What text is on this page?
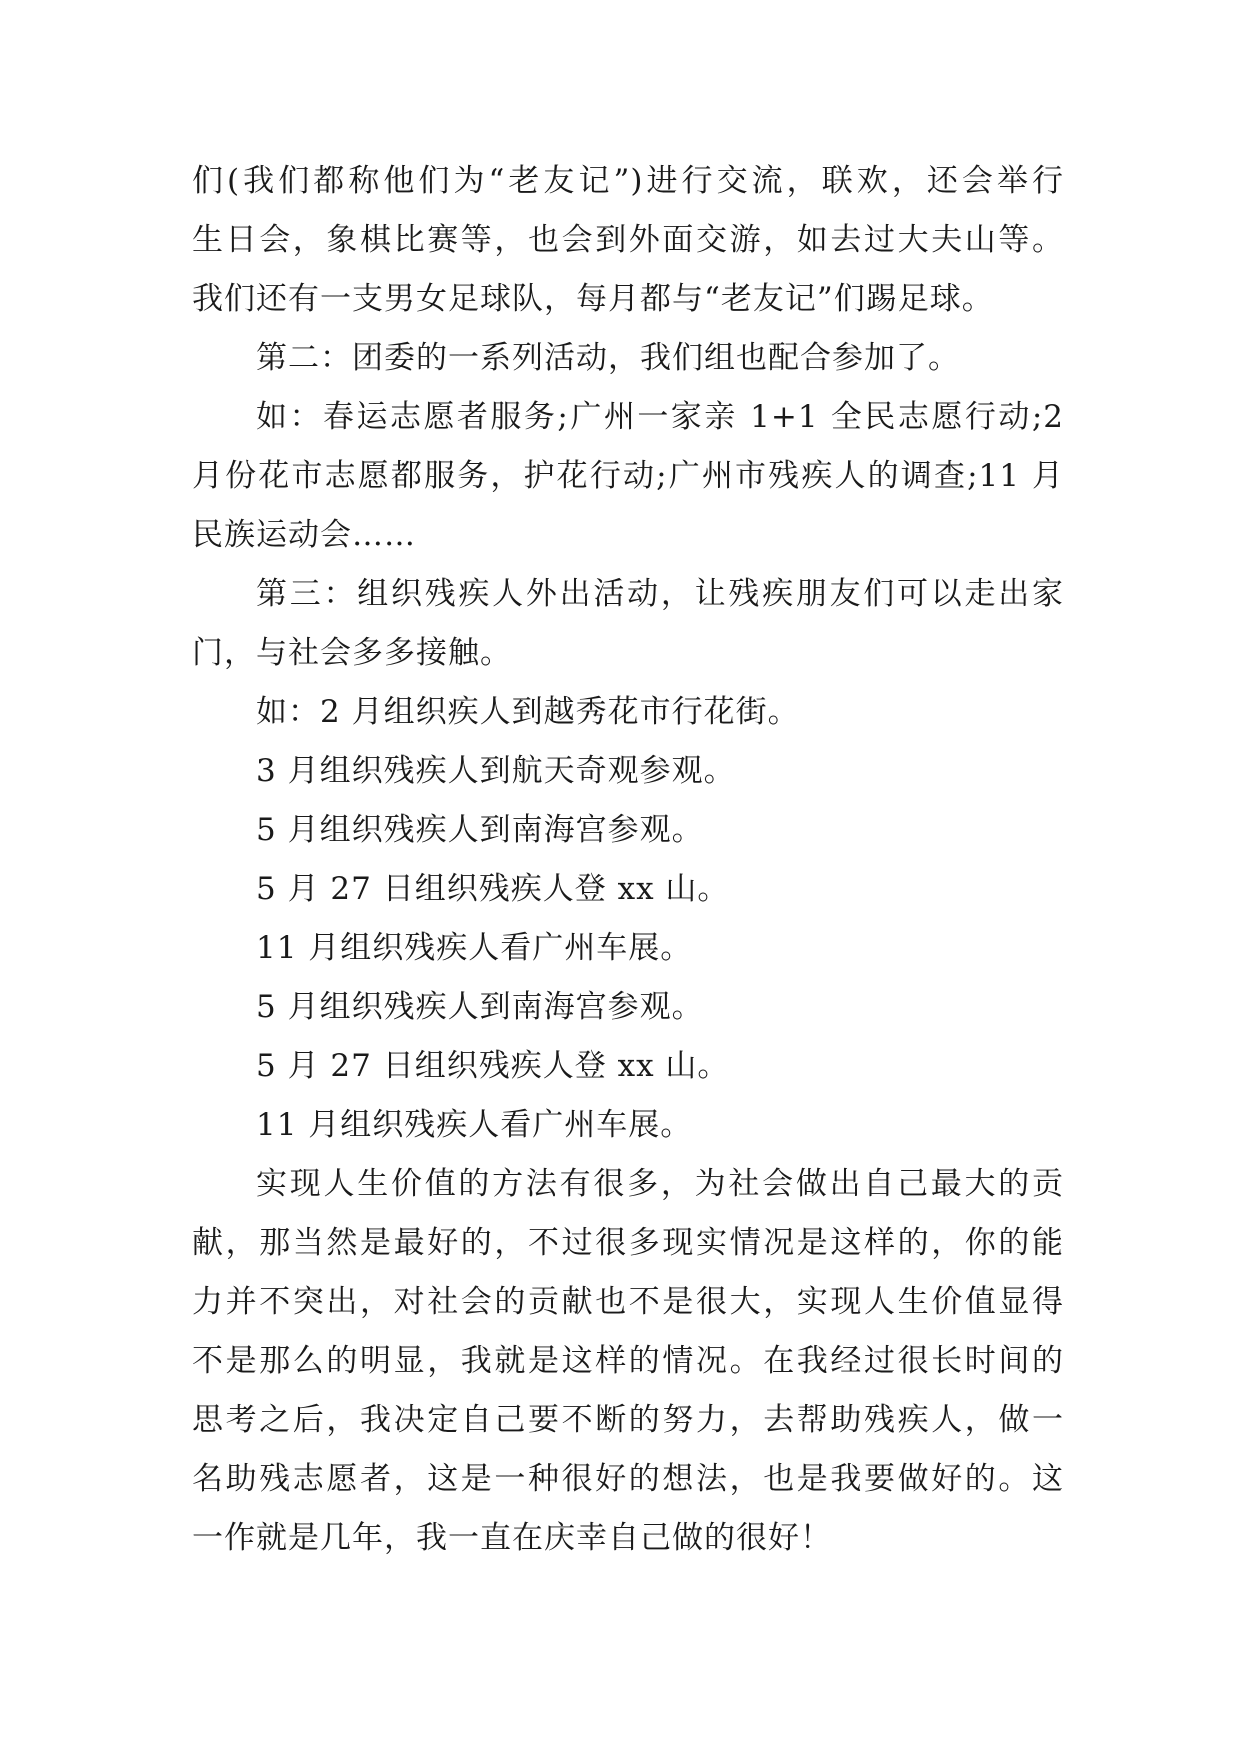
们(我们都称他们为“老友记”)进行交流，联欢，还会举行
生日会，象棋比赛等，也会到外面交游，如去过大夫山等。
我们还有一支男女足球队，每月都与“老友记”们踢足球。
第二：团委的一系列活动，我们组也配合参加了。
如：春运志愿者服务;广州一家亲 1+1 全民志愿行动;2
月份花市志愿都服务，护花行动;广州市残疾人的调查;11 月
民族运动会……
第三：组织残疾人外出活动，让残疾朋友们可以走出家
门，与社会多多接触。
如：2 月组织疾人到越秀花市行花街。
3 月组织残疾人到航天奇观参观。
5 月组织残疾人到南海宫参观。
5 月 27 日组织残疾人登 xx 山。
11 月组织残疾人看广州车展。
5 月组织残疾人到南海宫参观。
5 月 27 日组织残疾人登 xx 山。
11 月组织残疾人看广州车展。
实现人生价值的方法有很多，为社会做出自己最大的贡
献，那当然是最好的，不过很多现实情况是这样的，你的能
力并不突出，对社会的贡献也不是很大，实现人生价值显得
不是那么的明显，我就是这样的情况。在我经过很长时间的
思考之后，我决定自己要不断的努力，去帮助残疾人，做一
名助残志愿者，这是一种很好的想法，也是我要做好的。这
一作就是几年，我一直在庆幸自己做的很好！
